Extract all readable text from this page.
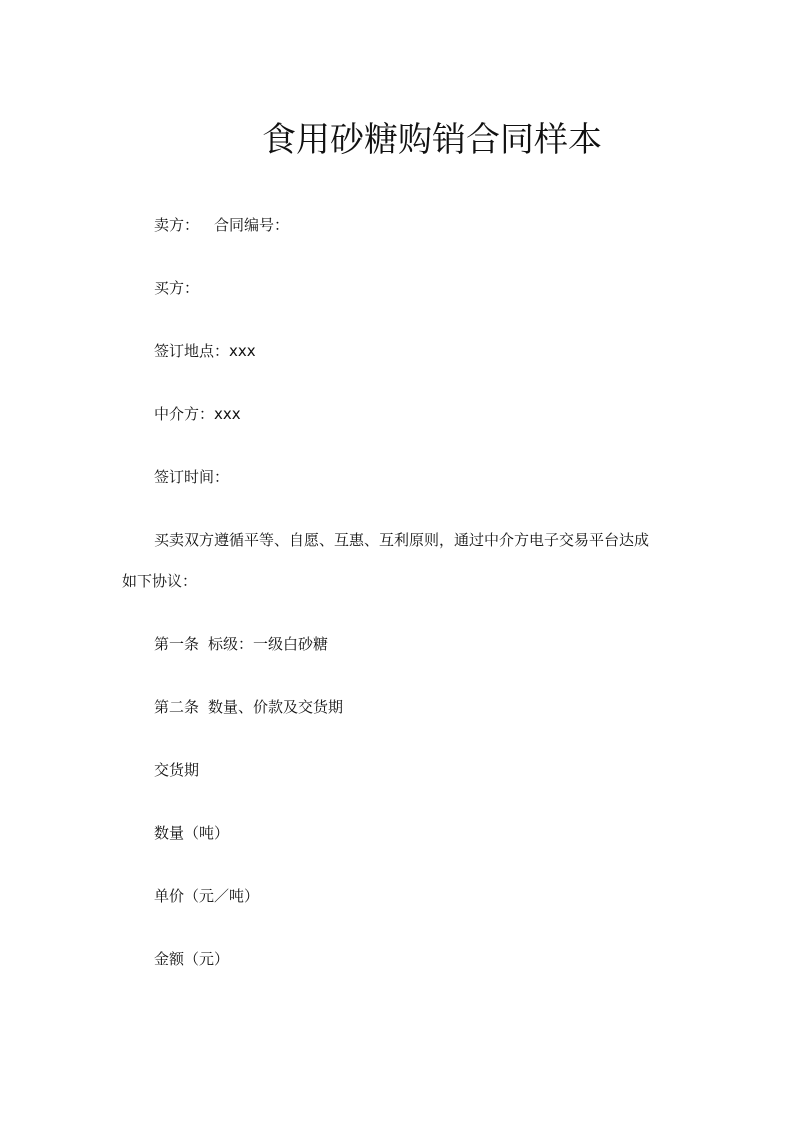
食用砂糖购销合同样本
卖方： 合同编号：
买方：
签订地点：xxx
中介方：xxx
签订时间：
买卖双方遵循平等、自愿、互惠、互利原则，通过中介方电子交易平台达成
如下协议：
第一条 标级：一级白砂糖
第二条 数量、价款及交货期
交货期
数量（吨）
单价（元／吨）
金额（元）
